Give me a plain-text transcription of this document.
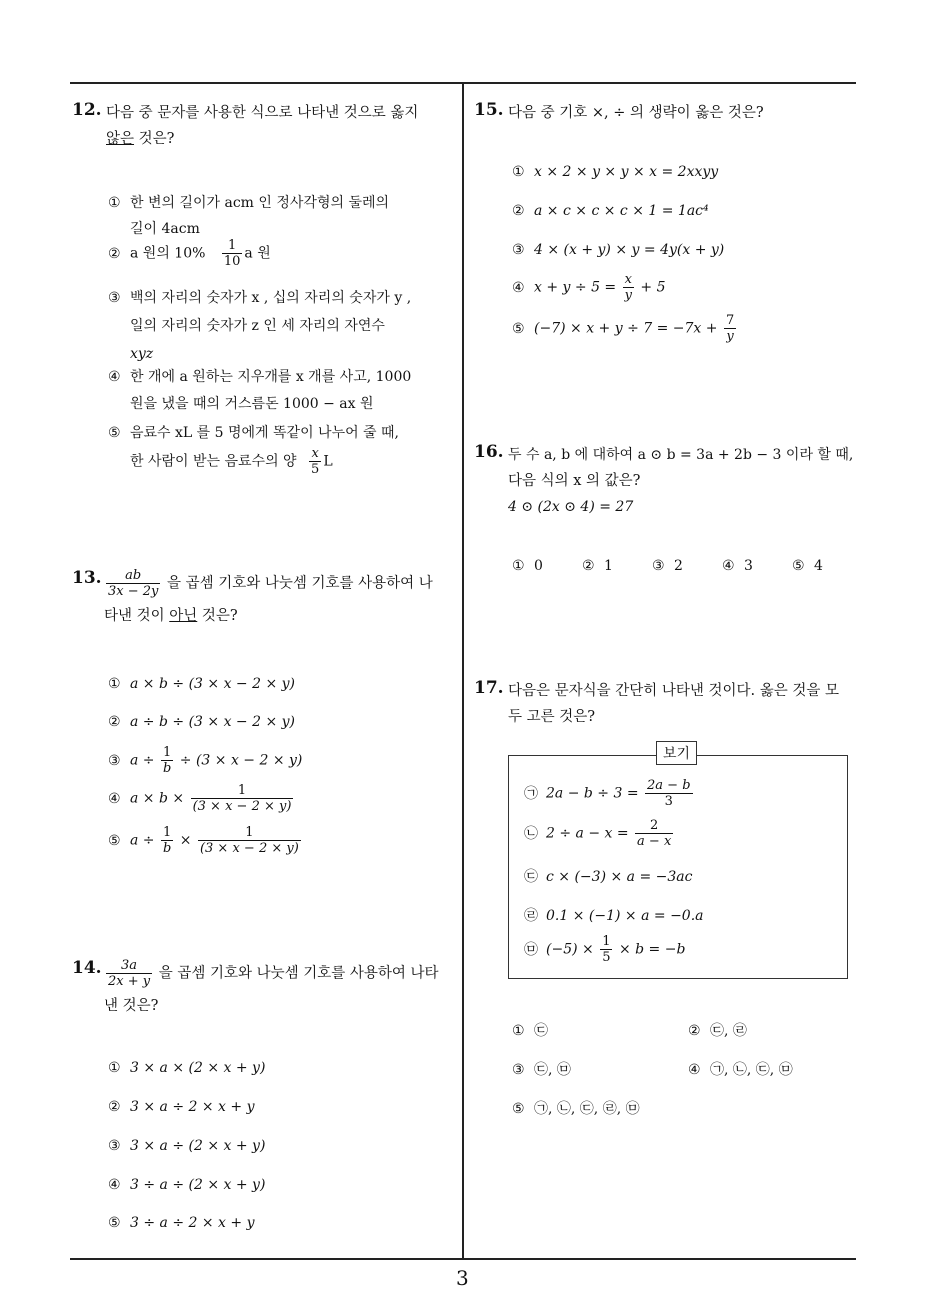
3
12. 다음 중 문자를 사용한 식으로 나타낸 것으로 옳지
않은 것은?
① 한 변의 길이가 acm 인 정사각형의 둘레의
길이 4acm
② a 원의 $10\% \frac{1}{10}$ a 원
③ 백의 자리의 숫자가 x , 십의 자리의 숫자가 y ,
일의 자리의 숫자가 z 인 세 자리의 자연수
xyz
④ 한 개에 a 원하는 지우개를 x 개를 사고, 1000
원을 냈을 때의 거스름돈 1000 − ax 원
⑤ 음료수 xL 를 5 명에게 똑같이 나누어 줄 때,
한 사람이 받는 음료수의 양 $\frac{x}{5}$ L
13. $\frac{ab}{3x - 2y}$ 을 곱셈 기호와 나눗셈 기호를 사용하여 나
타낸 것이 아닌 것은?
① a × b ÷ (3 × x − 2 × y)
② a ÷ b ÷ (3 × x − 2 × y)
③ $a \div \frac{1}{b} \div (3 \times x - 2 \times y)$
④ $a \times b \times \frac{1}{(3 \times x - 2 \times y)}$
⑤ $a \div \frac{1}{b} \times \frac{1}{(3 \times x - 2 \times y)}$
14. $\frac{3a}{2x + y}$ 을 곱셈 기호와 나눗셈 기호를 사용하여 나타
낸 것은?
① 3 × a × (2 × x + y)
② 3 × a ÷ 2 × x + y
③ 3 × a ÷ (2 × x + y)
④ 3 ÷ a ÷ (2 × x + y)
⑤ 3 ÷ a ÷ 2 × x + y
15. 다음 중 기호 ×, ÷ 의 생략이 옳은 것은?
① x × 2 × y × y × x = 2xxyy
② a × c × c × c × 1 = 1ac⁴
③ 4 × (x + y) × y = 4y(x + y)
④ $x + y \div 5 = \frac{x}{y} + 5$
⑤ $(-7) \times x + y \div 7 = -7x + \frac{7}{y}$
16. 두 수 a, b 에 대하여 a ⊙ b = 3a + 2b − 3 이라 할 때,
다음 식의 x 의 값은?
4 ⊙ (2x ⊙ 4) = 27
① 0	② 1	③ 2	④ 3	⑤ 4
17. 다음은 문자식을 간단히 나타낸 것이다. 옳은 것을 모
두 고른 것은?
보기
㉠ $2a - b \div 3 = \frac{2a - b}{3}$
㉡ $2 \div a - x = \frac{2}{a - x}$
㉢ c × (−3) × a = −3ac
㉣ 0.1 × (−1) × a = −0.a
㉤ $(-5) \times \frac{1}{5} \times b = -b$
① ㉢	② ㉢, ㉣
③ ㉢, ㉤	④ ㉠, ㉡, ㉢, ㉤
⑤ ㉠, ㉡, ㉢, ㉣, ㉤
